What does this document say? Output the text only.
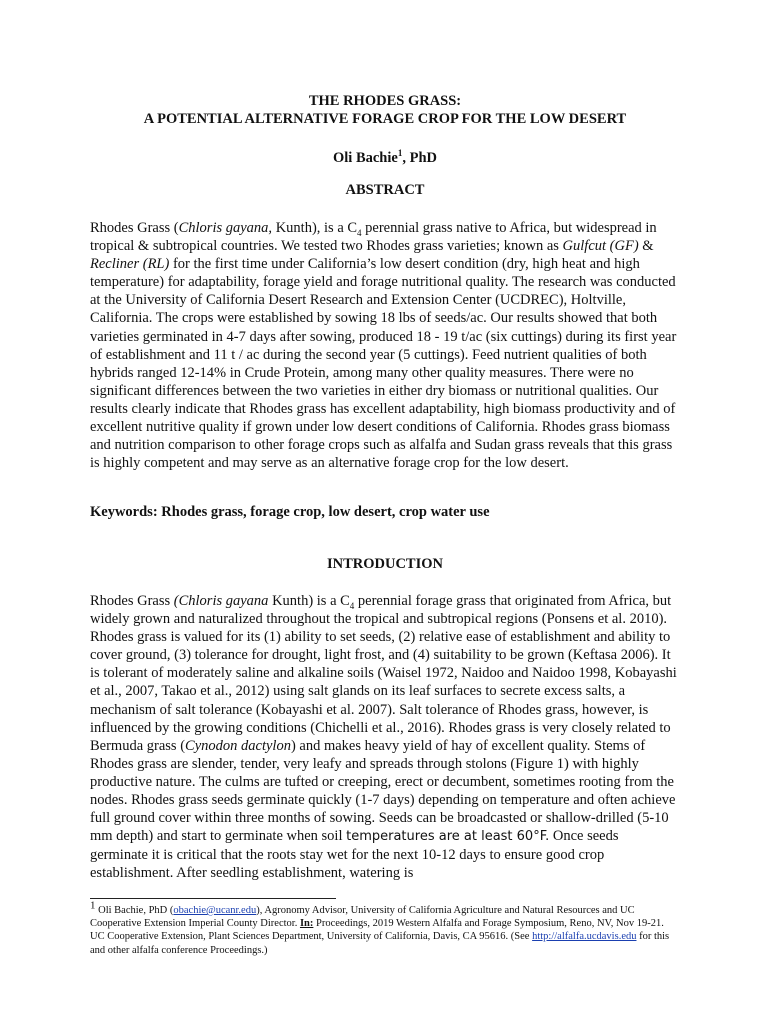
THE RHODES GRASS:
A POTENTIAL ALTERNATIVE FORAGE CROP FOR THE LOW DESERT
Oli Bachie$^1$, PhD
ABSTRACT
Rhodes Grass (Chloris gayana, Kunth), is a $C_4$ perennial grass native to Africa, but widespread in tropical & subtropical countries. We tested two Rhodes grass varieties; known as Gulfcut (GF) & Recliner (RL) for the first time under California’s low desert condition (dry, high heat and high temperature) for adaptability, forage yield and forage nutritional quality. The research was conducted at the University of California Desert Research and Extension Center (UCDREC), Holtville, California. The crops were established by sowing 18 lbs of seeds/ac. Our results showed that both varieties germinated in 4-7 days after sowing, produced 18 - 19 t/ac (six cuttings) during its first year of establishment and 11 t / ac during the second year (5 cuttings). Feed nutrient qualities of both hybrids ranged 12-14% in Crude Protein, among many other quality measures. There were no significant differences between the two varieties in either dry biomass or nutritional qualities. Our results clearly indicate that Rhodes grass has excellent adaptability, high biomass productivity and of excellent nutritive quality if grown under low desert conditions of California. Rhodes grass biomass and nutrition comparison to other forage crops such as alfalfa and Sudan grass reveals that this grass is highly competent and may serve as an alternative forage crop for the low desert.
Keywords: Rhodes grass, forage crop, low desert, crop water use
INTRODUCTION
Rhodes Grass (Chloris gayana Kunth) is a $C_4$ perennial forage grass that originated from Africa, but widely grown and naturalized throughout the tropical and subtropical regions (Ponsens et al. 2010). Rhodes grass is valued for its (1) ability to set seeds, (2) relative ease of establishment and ability to cover ground, (3) tolerance for drought, light frost, and (4) suitability to be grown (Keftasa 2006). It is tolerant of moderately saline and alkaline soils (Waisel 1972, Naidoo and Naidoo 1998, Kobayashi et al., 2007, Takao et al., 2012) using salt glands on its leaf surfaces to secrete excess salts, a mechanism of salt tolerance (Kobayashi et al. 2007). Salt tolerance of Rhodes grass, however, is influenced by the growing conditions (Chichelli et al., 2016). Rhodes grass is very closely related to Bermuda grass (Cynodon dactylon) and makes heavy yield of hay of excellent quality. Stems of Rhodes grass are slender, tender, very leafy and spreads through stolons (Figure 1) with highly productive nature. The culms are tufted or creeping, erect or decumbent, sometimes rooting from the nodes. Rhodes grass seeds germinate quickly (1-7 days) depending on temperature and often achieve full ground cover within three months of sowing. Seeds can be broadcasted or shallow-drilled (5-10 mm depth) and start to germinate when soil temperatures are at least 60°F. Once seeds germinate it is critical that the roots stay wet for the next 10-12 days to ensure good crop establishment. After seedling establishment, watering is
1 Oli Bachie, PhD (obachie@ucanr.edu), Agronomy Advisor, University of California Agriculture and Natural Resources and UC Cooperative Extension Imperial County Director. In: Proceedings, 2019 Western Alfalfa and Forage Symposium, Reno, NV, Nov 19-21. UC Cooperative Extension, Plant Sciences Department, University of California, Davis, CA 95616. (See http://alfalfa.ucdavis.edu for this and other alfalfa conference Proceedings.)
